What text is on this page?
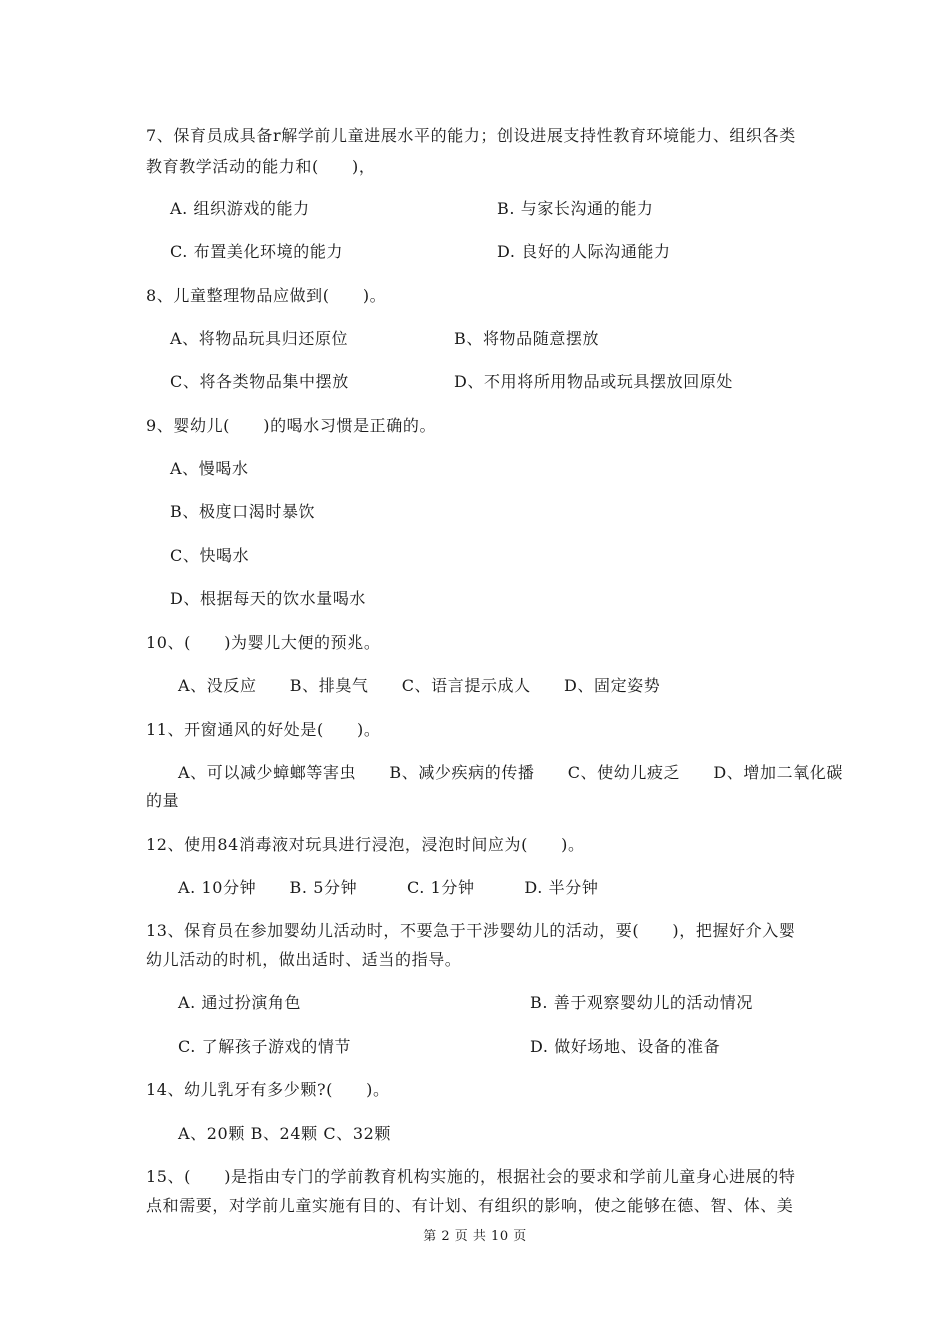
7、保育员成具备r解学前儿童进展水平的能力；创设进展支持性教育环境能力、组织各类
教育教学活动的能力和(　　)，
A. 组织游戏的能力	B. 与家长沟通的能力
C. 布置美化环境的能力	D. 良好的人际沟通能力
8、儿童整理物品应做到(　　)。
A、将物品玩具归还原位	B、将物品随意摆放
C、将各类物品集中摆放	D、不用将所用物品或玩具摆放回原处
9、婴幼儿(　　)的喝水习惯是正确的。
A、慢喝水
B、极度口渴时暴饮
C、快喝水
D、根据每天的饮水量喝水
10、(　　)为婴儿大便的预兆。
A、没反应　　B、排臭气　　C、语言提示成人　　D、固定姿势
11、开窗通风的好处是(　　)。
A、可以减少蟑螂等害虫　　B、减少疾病的传播　　C、使幼儿疲乏　　D、增加二氧化碳
的量
12、使用84消毒液对玩具进行浸泡，浸泡时间应为(　　)。
A. 10分钟　　B. 5分钟　　　C. 1分钟　　　D. 半分钟
13、保育员在参加婴幼儿活动时，不要急于干涉婴幼儿的活动，要(　　)，把握好介入婴
幼儿活动的时机，做出适时、适当的指导。
A. 通过扮演角色	B. 善于观察婴幼儿的活动情况
C. 了解孩子游戏的情节	D. 做好场地、设备的准备
14、幼儿乳牙有多少颗?(　　)。
A、20颗 B、24颗 C、32颗
15、(　　)是指由专门的学前教育机构实施的，根据社会的要求和学前儿童身心进展的特
点和需要，对学前儿童实施有目的、有计划、有组织的影响，使之能够在德、智、体、美
第 2 页 共 10 页
